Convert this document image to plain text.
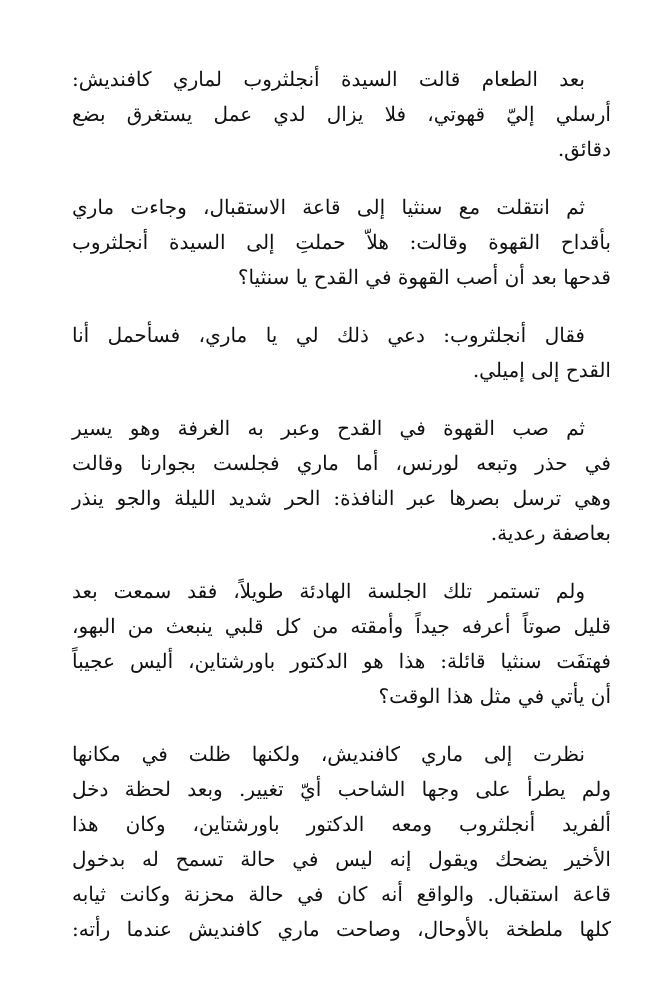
بعد الطعام قالت السيدة أنجلثروب لماري كافنديش:
أرسلي إليّ قهوتي، فلا يزال لدي عمل يستغرق بضع
دقائق.

ثم انتقلت مع سنثيا إلى قاعة الاستقبال، وجاءت ماري
بأقداح القهوة وقالت: هلاّ حملتِ إلى السيدة أنجلثروب
قدحها بعد أن أصب القهوة في القدح يا سنثيا؟

فقال أنجلثروب: دعي ذلك لي يا ماري، فسأحمل أنا
القدح إلى إميلي.

ثم صب القهوة في القدح وعبر به الغرفة وهو يسير
في حذر وتبعه لورنس، أما ماري فجلست بجوارنا وقالت
وهي ترسل بصرها عبر النافذة: الحر شديد الليلة والجو ينذر
بعاصفة رعدية.

ولم تستمر تلك الجلسة الهادئة طويلاً، فقد سمعت بعد
قليل صوتاً أعرفه جيداً وأمقته من كل قلبي ينبعث من البهو،
فهتفَت سنثيا قائلة: هذا هو الدكتور باورشتاين، أليس عجيباً
أن يأتي في مثل هذا الوقت؟

نظرت إلى ماري كافنديش، ولكنها ظلت في مكانها
ولم يطرأ على وجها الشاحب أيّ تغيير. وبعد لحظة دخل
ألفريد أنجلثروب ومعه الدكتور باورشتاين، وكان هذا
الأخير يضحك ويقول إنه ليس في حالة تسمح له بدخول
قاعة استقبال. والواقع أنه كان في حالة محزنة وكانت ثيابه
كلها ملطخة بالأوحال، وصاحت ماري كافنديش عندما رأته:
